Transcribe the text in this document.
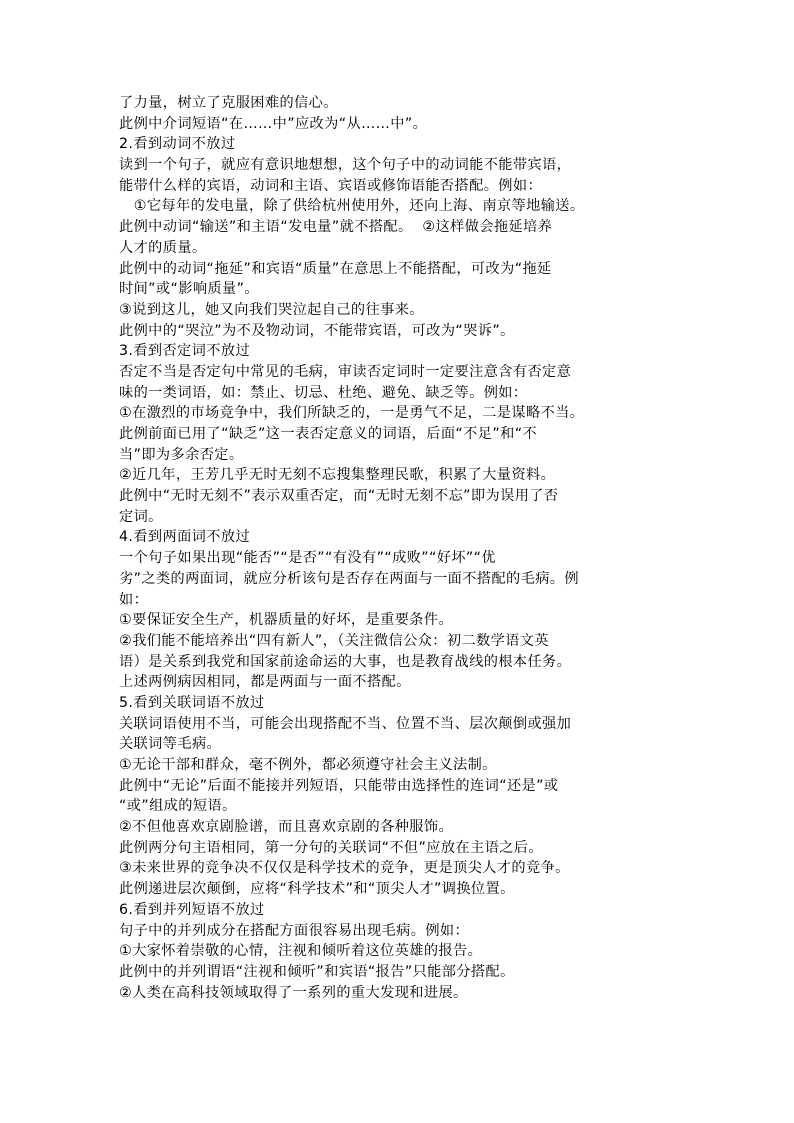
了力量，树立了克服困难的信心。
此例中介词短语“在……中”应改为“从……中”。
2.看到动词不放过
读到一个句子，就应有意识地想想，这个句子中的动词能不能带宾语，
能带什么样的宾语，动词和主语、宾语或修饰语能否搭配。例如：
①它每年的发电量，除了供给杭州使用外，还向上海、南京等地输送。
此例中动词“输送”和主语“发电量”就不搭配。  ②这样做会拖延培养
人才的质量。
此例中的动词“拖延”和宾语“质量”在意思上不能搭配，可改为“拖延
时间”或“影响质量”。
③说到这儿，她又向我们哭泣起自己的往事来。
此例中的“哭泣”为不及物动词，不能带宾语，可改为“哭诉”。
3.看到否定词不放过
否定不当是否定句中常见的毛病，审读否定词时一定要注意含有否定意
味的一类词语，如：禁止、切忌、杜绝、避免、缺乏等。例如：
①在激烈的市场竞争中，我们所缺乏的，一是勇气不足，二是谋略不当。
此例前面已用了“缺乏”这一表否定意义的词语，后面“不足”和“不
当”即为多余否定。
②近几年，王芳几乎无时无刻不忘搜集整理民歌，积累了大量资料。
此例中“无时无刻不”表示双重否定，而“无时无刻不忘”即为误用了否
定词。
4.看到两面词不放过
一个句子如果出现“能否”“是否”“有没有”“成败”“好坏”“优
劣”之类的两面词，就应分析该句是否存在两面与一面不搭配的毛病。例
如：
①要保证安全生产，机器质量的好坏，是重要条件。
②我们能不能培养出“四有新人”，（关注微信公众：初二数学语文英
语）是关系到我党和国家前途命运的大事，也是教育战线的根本任务。
上述两例病因相同，都是两面与一面不搭配。
5.看到关联词语不放过
关联词语使用不当，可能会出现搭配不当、位置不当、层次颠倒或强加
关联词等毛病。
①无论干部和群众，毫不例外，都必须遵守社会主义法制。
此例中“无论”后面不能接并列短语，只能带由选择性的连词“还是”或
“或”组成的短语。
②不但他喜欢京剧脸谱，而且喜欢京剧的各种服饰。
此例两分句主语相同，第一分句的关联词“不但”应放在主语之后。
③未来世界的竞争决不仅仅是科学技术的竞争，更是顶尖人才的竞争。
此例递进层次颠倒，应将“科学技术”和“顶尖人才”调换位置。
6.看到并列短语不放过
句子中的并列成分在搭配方面很容易出现毛病。例如：
①大家怀着崇敬的心情，注视和倾听着这位英雄的报告。
此例中的并列谓语“注视和倾听”和宾语“报告”只能部分搭配。
②人类在高科技领域取得了一系列的重大发现和进展。
